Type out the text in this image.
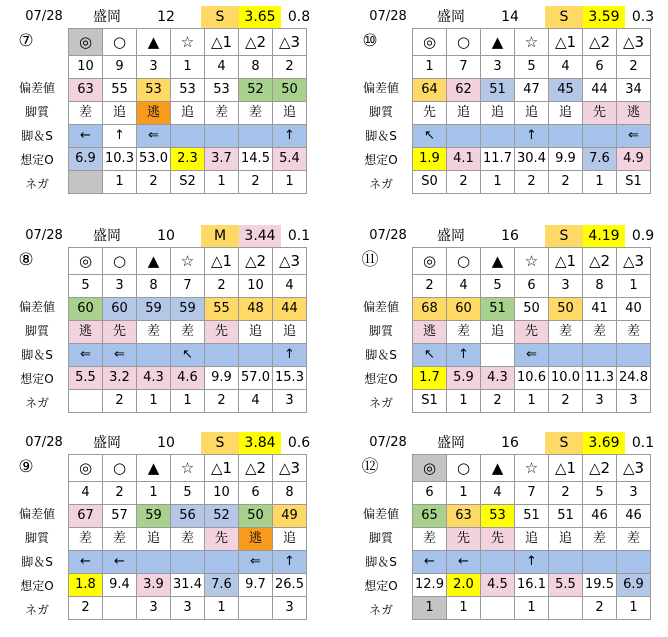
07/28	盛岡	12	S	3.65 0.8
⑦
偏差値
脚質
脚＆S
想定O
ネガ
◎	○	▲	☆	△1	△2	△3
10	9	3	1	4	8	2
63	55	53	53	53	52	50
差	追	逃	追	差	差	追
←	↑	⇐				↑
6.9	10.3	53.0	2.3	3.7	14.5	5.4
	1	2	S2	1	2	1
07/28	盛岡	14	S	3.59 0.3
⑩
偏差値
脚質
脚＆S
想定O
ネガ
◎	○	▲	☆	△1	△2	△3
1	7	3	5	4	6	2
64	62	51	47	45	44	34
先	追	追	追	追	先	逃
↖			↑			⇐
1.9	4.1	11.7	30.4	9.9	7.6	4.9
S0	2	1	2	2	1	S1
07/28	盛岡	10	M	3.44 0.1
⑧
偏差値
脚質
脚＆S
想定O
ネガ
◎	○	▲	☆	△1	△2	△3
5	3	8	7	2	10	4
60	60	59	59	55	48	44
逃	先	差	差	先	追	追
⇐	⇐		↖			↑
5.5	3.2	4.3	4.6	9.9	57.0	15.3
	2	1	1	2	4	3
07/28	盛岡	16	S	4.19 0.9
⑪
偏差値
脚質
脚＆S
想定O
ネガ
◎	○	▲	☆	△1	△2	△3
2	4	5	6	3	8	1
68	60	51	50	50	41	40
逃	差	追	先	差	差	差
↖	↑		⇐			
1.7	5.9	4.3	10.6	10.0	11.3	24.8
S1	1	2	1	2	3	3
07/28	盛岡	10	S	3.84 0.6
⑨
偏差値
脚質
脚＆S
想定O
ネガ
◎	○	▲	☆	△1	△2	△3
4	2	1	5	10	6	8
67	57	59	56	52	50	49
差	差	追	差	先	逃	追
←	←				⇐	↑
1.8	9.4	3.9	31.4	7.6	9.7	26.5
2		3	3	1		3
07/28	盛岡	16	S	3.69 0.1
⑫
偏差値
脚質
脚＆S
想定O
ネガ
◎	○	▲	☆	△1	△2	△3
6	1	4	7	2	5	3
65	63	53	51	51	46	46
差	先	先	追	追	差	差
←	←		↑			
12.9	2.0	4.5	16.1	5.5	19.5	6.9
1	1		1		2	1
